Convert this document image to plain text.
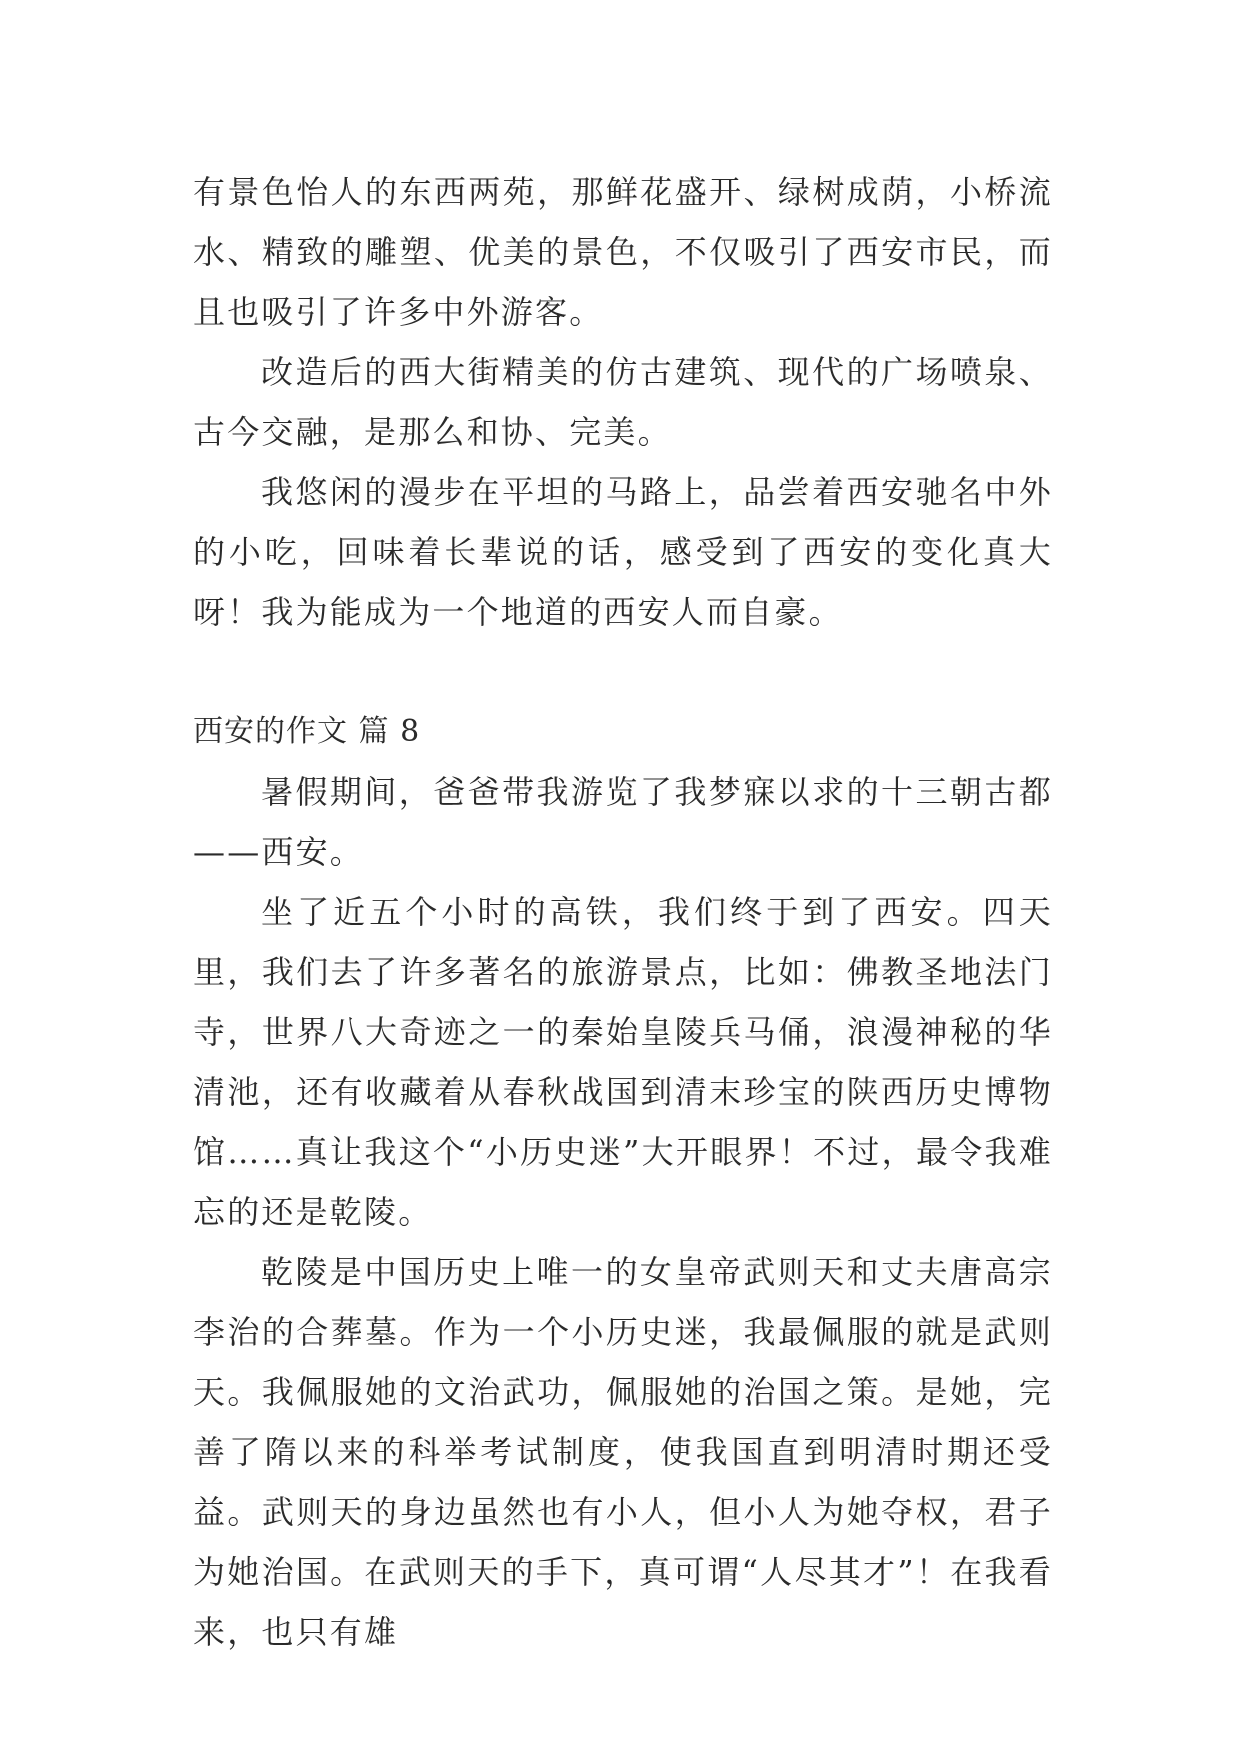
有景色怡人的东西两苑，那鲜花盛开、绿树成荫，小桥流水、精致的雕塑、优美的景色，不仅吸引了西安市民，而且也吸引了许多中外游客。

改造后的西大街精美的仿古建筑、现代的广场喷泉、古今交融，是那么和协、完美。

我悠闲的漫步在平坦的马路上，品尝着西安驰名中外的小吃，回味着长辈说的话，感受到了西安的变化真大呀！我为能成为一个地道的西安人而自豪。

西安的作文 篇 8

暑假期间，爸爸带我游览了我梦寐以求的十三朝古都——西安。

坐了近五个小时的高铁，我们终于到了西安。四天里，我们去了许多著名的旅游景点，比如：佛教圣地法门寺，世界八大奇迹之一的秦始皇陵兵马俑，浪漫神秘的华清池，还有收藏着从春秋战国到清末珍宝的陕西历史博物馆……真让我这个“小历史迷”大开眼界！不过，最令我难忘的还是乾陵。

乾陵是中国历史上唯一的女皇帝武则天和丈夫唐高宗李治的合葬墓。作为一个小历史迷，我最佩服的就是武则天。我佩服她的文治武功，佩服她的治国之策。是她，完善了隋以来的科举考试制度，使我国直到明清时期还受益。武则天的身边虽然也有小人，但小人为她夺权，君子为她治国。在武则天的手下，真可谓“人尽其才”！在我看来，也只有雄
